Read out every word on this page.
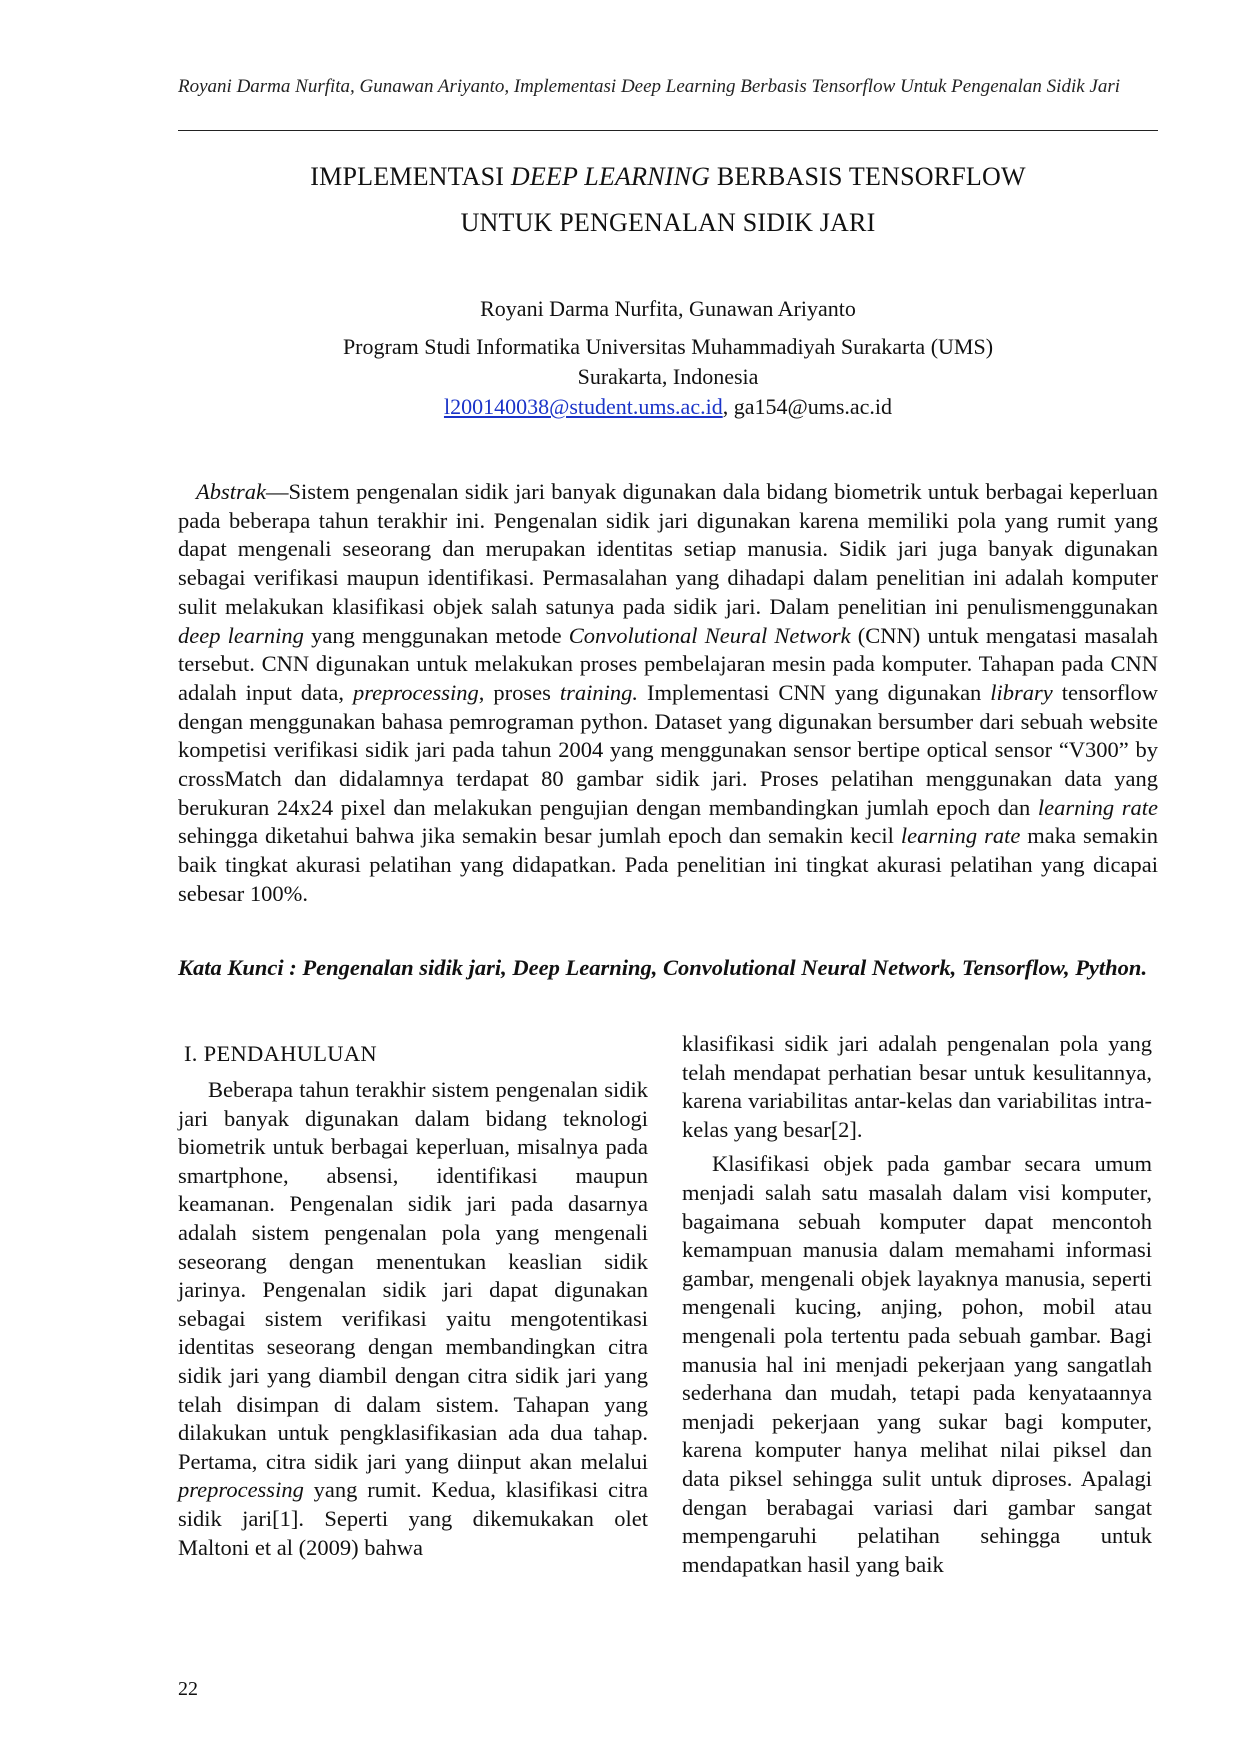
Royani Darma Nurfita, Gunawan Ariyanto, Implementasi Deep Learning Berbasis Tensorflow Untuk Pengenalan Sidik Jari
IMPLEMENTASI DEEP LEARNING BERBASIS TENSORFLOW
UNTUK PENGENALAN SIDIK JARI
Royani Darma Nurfita, Gunawan Ariyanto
Program Studi Informatika Universitas Muhammadiyah Surakarta (UMS)
Surakarta, Indonesia
l200140038@student.ums.ac.id, ga154@ums.ac.id
Abstrak—Sistem pengenalan sidik jari banyak digunakan dala bidang biometrik untuk berbagai keperluan pada beberapa tahun terakhir ini. Pengenalan sidik jari digunakan karena memiliki pola yang rumit yang dapat mengenali seseorang dan merupakan identitas setiap manusia. Sidik jari juga banyak digunakan sebagai verifikasi maupun identifikasi. Permasalahan yang dihadapi dalam penelitian ini adalah komputer sulit melakukan klasifikasi objek salah satunya pada sidik jari. Dalam penelitian ini penulismenggunakan deep learning yang menggunakan metode Convolutional Neural Network (CNN) untuk mengatasi masalah tersebut. CNN digunakan untuk melakukan proses pembelajaran mesin pada komputer. Tahapan pada CNN adalah input data, preprocessing, proses training. Implementasi CNN yang digunakan library tensorflow dengan menggunakan bahasa pemrograman python. Dataset yang digunakan bersumber dari sebuah website kompetisi verifikasi sidik jari pada tahun 2004 yang menggunakan sensor bertipe optical sensor “V300” by crossMatch dan didalamnya terdapat 80 gambar sidik jari. Proses pelatihan menggunakan data yang berukuran 24x24 pixel dan melakukan pengujian dengan membandingkan jumlah epoch dan learning rate sehingga diketahui bahwa jika semakin besar jumlah epoch dan semakin kecil learning rate maka semakin baik tingkat akurasi pelatihan yang didapatkan. Pada penelitian ini tingkat akurasi pelatihan yang dicapai sebesar 100%.
Kata Kunci : Pengenalan sidik jari, Deep Learning, Convolutional Neural Network, Tensorflow, Python.
I. PENDAHULUAN

Beberapa tahun terakhir sistem pengenalan sidik jari banyak digunakan dalam bidang teknologi biometrik untuk berbagai keperluan, misalnya pada smartphone, absensi, identifikasi maupun keamanan. Pengenalan sidik jari pada dasarnya adalah sistem pengenalan pola yang mengenali seseorang dengan menentukan keaslian sidik jarinya. Pengenalan sidik jari dapat digunakan sebagai sistem verifikasi yaitu mengotentikasi identitas seseorang dengan membandingkan citra sidik jari yang diambil dengan citra sidik jari yang telah disimpan di dalam sistem. Tahapan yang dilakukan untuk pengklasifikasian ada dua tahap. Pertama, citra sidik jari yang diinput akan melalui preprocessing yang rumit. Kedua, klasifikasi citra sidik jari[1]. Seperti yang dikemukakan olet Maltoni et al (2009) bahwa

klasifikasi sidik jari adalah pengenalan pola yang telah mendapat perhatian besar untuk kesulitannya, karena variabilitas antar-kelas dan variabilitas intra-kelas yang besar[2].

Klasifikasi objek pada gambar secara umum menjadi salah satu masalah dalam visi komputer, bagaimana sebuah komputer dapat mencontoh kemampuan manusia dalam memahami informasi gambar, mengenali objek layaknya manusia, seperti mengenali kucing, anjing, pohon, mobil atau mengenali pola tertentu pada sebuah gambar. Bagi manusia hal ini menjadi pekerjaan yang sangatlah sederhana dan mudah, tetapi pada kenyataannya menjadi pekerjaan yang sukar bagi komputer, karena komputer hanya melihat nilai piksel dan data piksel sehingga sulit untuk diproses. Apalagi dengan berabagai variasi dari gambar sangat mempengaruhi pelatihan sehingga untuk mendapatkan hasil yang baik

22
